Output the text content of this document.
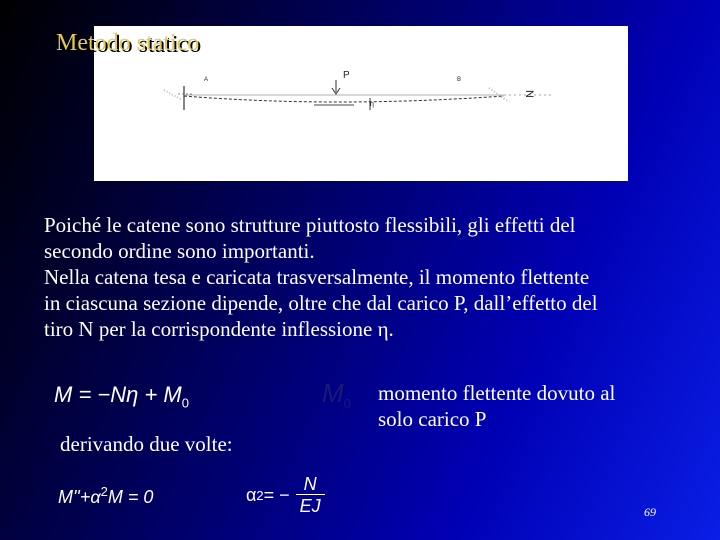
P
N
A	B
η
Metodo statico
Poiché le catene sono strutture piuttosto flessibili, gli effetti del
secondo ordine sono importanti.
Nella catena tesa e caricata trasversalmente, il momento flettente
in ciascuna sezione dipende, oltre che dal carico P, dall’effetto del
tiro N per la corrispondente inflessione η.
$M = -N\eta + M_0$	$M_0$ momento flettente dovuto al
solo carico P
derivando due volte:
$M''+\alpha^2M = 0$	α 2 = − $\frac{N}{EJ}$	69
